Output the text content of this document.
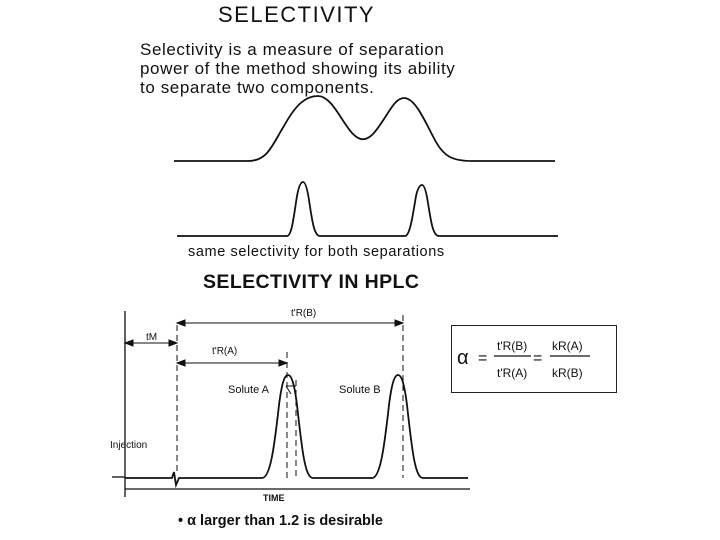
SELECTIVITY
Selectivity is a measure of separation
power of the method showing its ability
to separate two components.
tM
t'R(B)
t'R(A)
Solute A	Solute B
Injection
TIME
α =
t'R(B)
t'R(A)
=
kR(A)
kR(B)
same selectivity for both separations
SELECTIVITY IN HPLC
• α larger than 1.2 is desirable
